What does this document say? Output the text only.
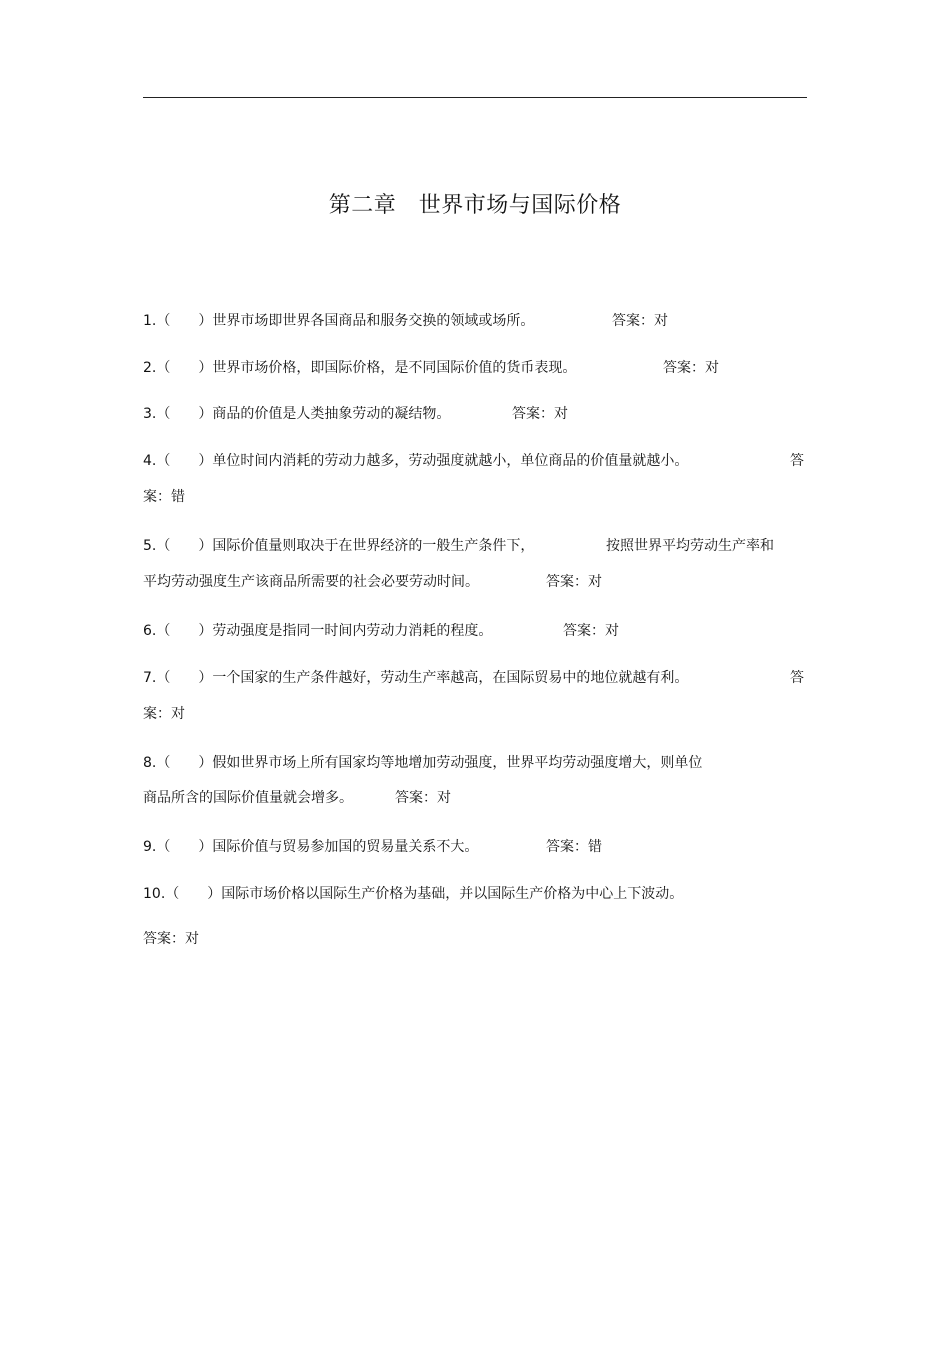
第二章　世界市场与国际价格
1.（　　）世界市场即世界各国商品和服务交换的领域或场所。	答案：对
2.（　　）世界市场价格，即国际价格，是不同国际价值的货币表现。	答案：对
3.（　　）商品的价值是人类抽象劳动的凝结物。	答案：对
4.（　　）单位时间内消耗的劳动力越多，劳动强度就越小，单位商品的价值量就越小。	答
案：错
5.（　　）国际价值量则取决于在世界经济的一般生产条件下，	按照世界平均劳动生产率和
平均劳动强度生产该商品所需要的社会必要劳动时间。	答案：对
6.（　　）劳动强度是指同一时间内劳动力消耗的程度。	答案：对
7.（　　）一个国家的生产条件越好，劳动生产率越高，在国际贸易中的地位就越有利。	答
案：对
8.（　　）假如世界市场上所有国家均等地增加劳动强度，世界平均劳动强度增大，则单位
商品所含的国际价值量就会增多。	答案：对
9.（　　）国际价值与贸易参加国的贸易量关系不大。	答案：错
10.（　　）国际市场价格以国际生产价格为基础，并以国际生产价格为中心上下波动。
答案：对
